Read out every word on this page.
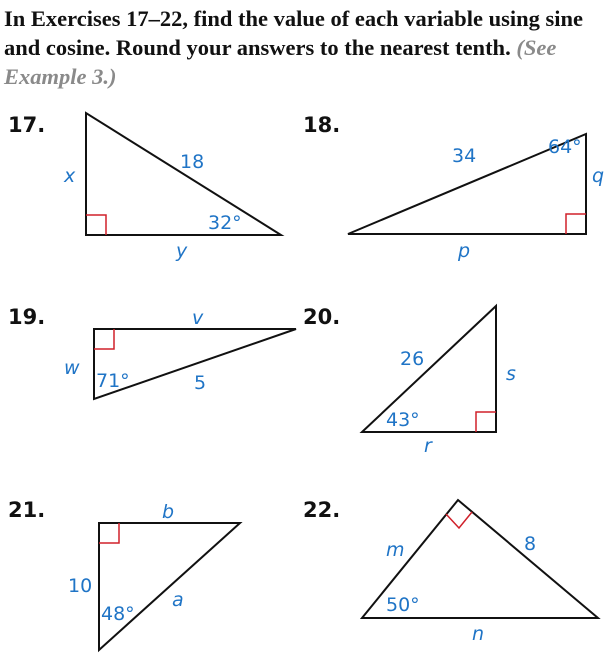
In Exercises 17–22, find the value of each variable using sine and cosine. Round your answers to the nearest tenth. (See Example 3.)
17.	18.
19.	20.
21.	22.
18
32°
x
y
34	64°
q
p
v
w
71°	5
26
s
43°
r
b
10
48°
a
m	8
50°
n
